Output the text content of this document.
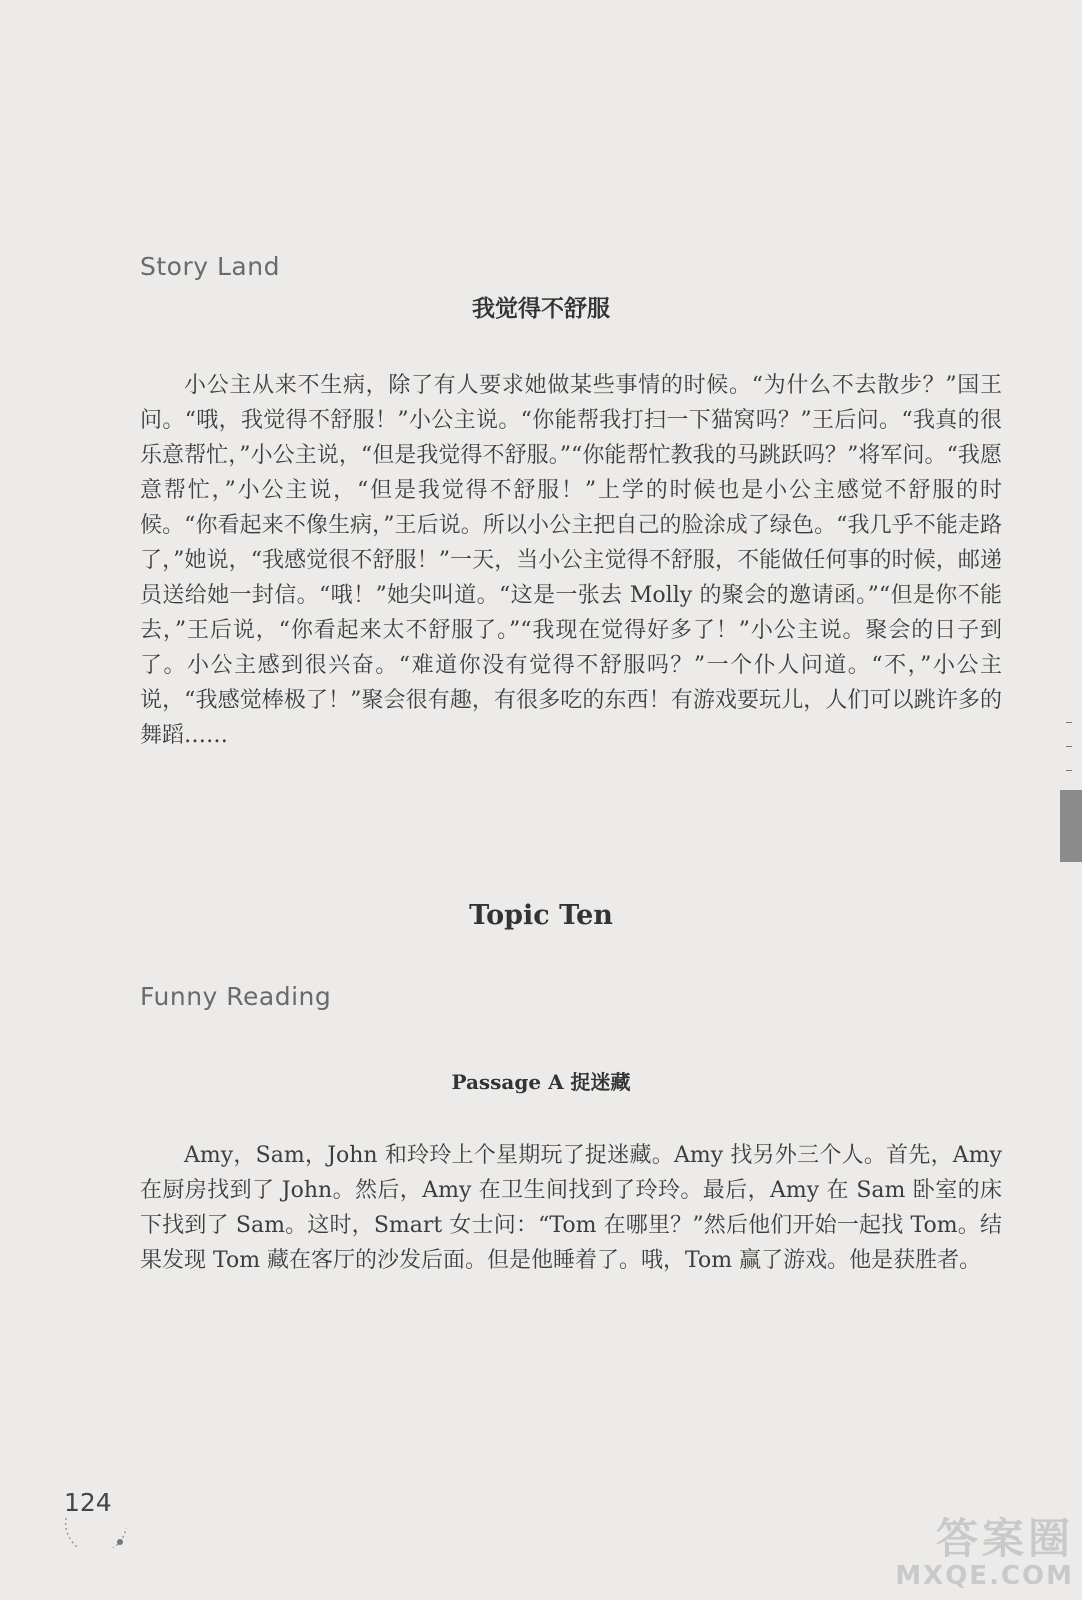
Story Land
我觉得不舒服

小公主从来不生病，除了有人要求她做某些事情的时候。“为什么不去散步？”国王问。“哦，我觉得不舒服！”小公主说。“你能帮我打扫一下猫窝吗？”王后问。“我真的很乐意帮忙，”小公主说，“但是我觉得不舒服。”“你能帮忙教我的马跳跃吗？”将军问。“我愿意帮忙，”小公主说，“但是我觉得不舒服！”上学的时候也是小公主感觉不舒服的时候。“你看起来不像生病，”王后说。所以小公主把自己的脸涂成了绿色。“我几乎不能走路了，”她说，“我感觉很不舒服！”一天，当小公主觉得不舒服，不能做任何事的时候，邮递员送给她一封信。“哦！”她尖叫道。“这是一张去 Molly 的聚会的邀请函。”“但是你不能去，”王后说，“你看起来太不舒服了。”“我现在觉得好多了！”小公主说。聚会的日子到了。小公主感到很兴奋。“难道你没有觉得不舒服吗？”一个仆人问道。“不，”小公主说，“我感觉棒极了！”聚会很有趣，有很多吃的东西！有游戏要玩儿，人们可以跳许多的舞蹈……

Topic Ten
Funny Reading
Passage A 捉迷藏

Amy，Sam，John 和玲玲上个星期玩了捉迷藏。Amy 找另外三个人。首先，Amy 在厨房找到了 John。然后，Amy 在卫生间找到了玲玲。最后，Amy 在 Sam 卧室的床下找到了 Sam。这时，Smart 女士问：“Tom 在哪里？”然后他们开始一起找 Tom。结果发现 Tom 藏在客厅的沙发后面。但是他睡着了。哦，Tom 赢了游戏。他是获胜者。

124
答案圈
MXQE.COM
